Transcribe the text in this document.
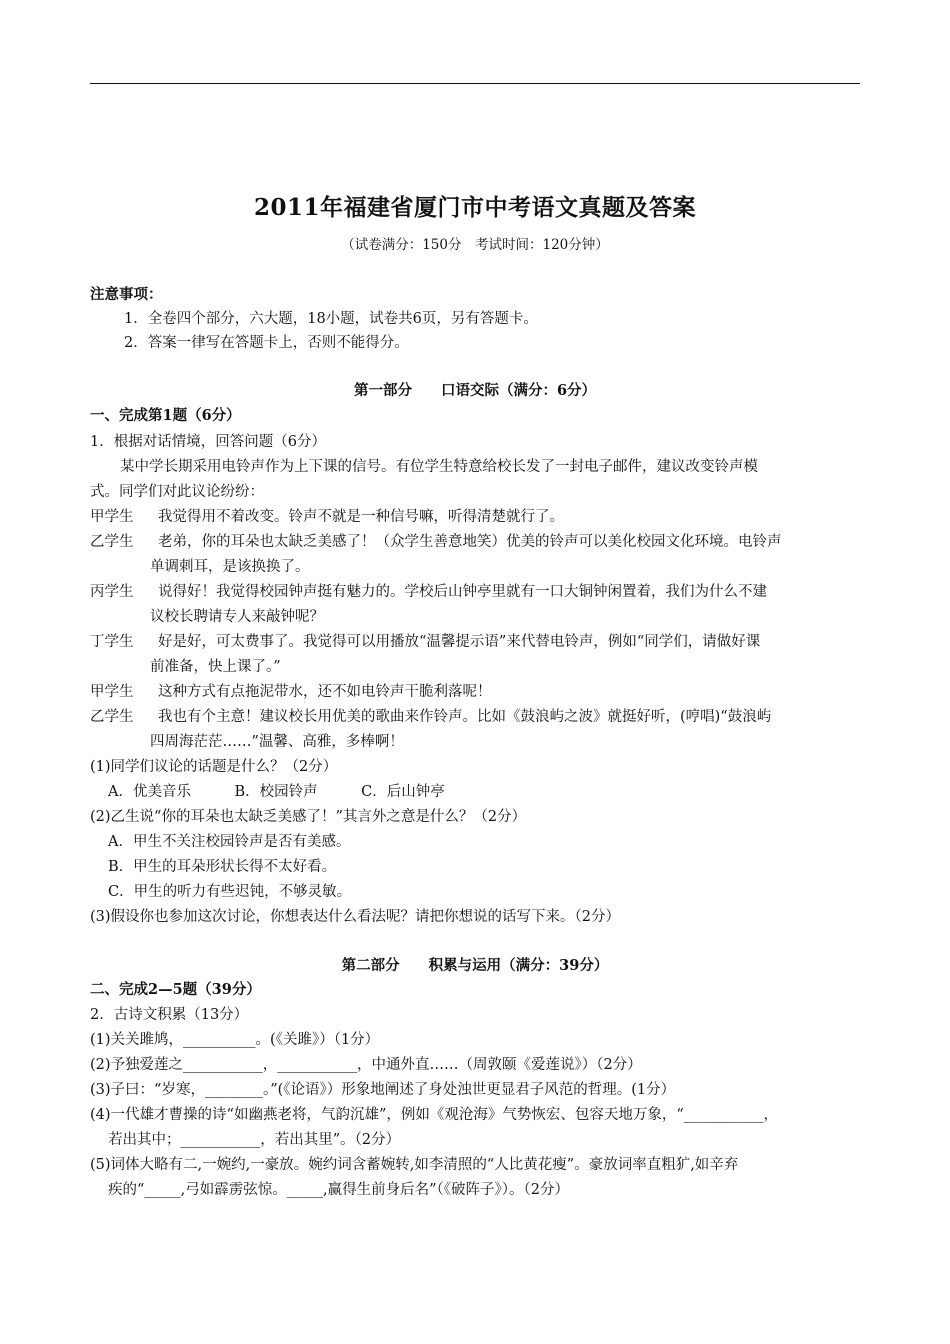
2011年福建省厦门市中考语文真题及答案
（试卷满分：150分　考试时间：120分钟）
注意事项：
1．全卷四个部分，六大题，18小题，试卷共6页，另有答题卡。
2．答案一律写在答题卡上，否则不能得分。
第一部分　　口语交际（满分：6分）
一、完成第1题（6分）
1．根据对话情境，回答问题（6分）
某中学长期采用电铃声作为上下课的信号。有位学生特意给校长发了一封电子邮件，建议改变铃声模
式。同学们对此议论纷纷：
甲学生 我觉得用不着改变。铃声不就是一种信号嘛，听得清楚就行了。
乙学生 老弟，你的耳朵也太缺乏美感了！（众学生善意地笑）优美的铃声可以美化校园文化环境。电铃声
单调刺耳，是该换换了。
丙学生 说得好！我觉得校园钟声挺有魅力的。学校后山钟亭里就有一口大铜钟闲置着，我们为什么不建
议校长聘请专人来敲钟呢？
丁学生 好是好，可太费事了。我觉得可以用播放“温馨提示语”来代替电铃声，例如“同学们，请做好课
前准备，快上课了。”
甲学生 这种方式有点拖泥带水，还不如电铃声干脆利落呢！
乙学生 我也有个主意！建议校长用优美的歌曲来作铃声。比如《鼓浪屿之波》就挺好听，(哼唱)“鼓浪屿
四周海茫茫……”温馨、高雅，多棒啊！
(1)同学们议论的话题是什么？（2分）
A．优美音乐　　　B．校园铃声　　　C．后山钟亭
(2)乙生说“你的耳朵也太缺乏美感了！”其言外之意是什么？（2分）
A．甲生不关注校园铃声是否有美感。
B．甲生的耳朵形状长得不太好看。
C．甲生的听力有些迟钝，不够灵敏。
(3)假设你也参加这次讨论，你想表达什么看法呢？请把你想说的话写下来。（2分）
第二部分　　积累与运用（满分：39分）
二、完成2—5题（39分）
2．古诗文积累（13分）
(1)关关雎鸠，__________。(《关雎》）（1分）
(2)予独爱莲之___________，___________，中通外直……（周敦颐《爱莲说》）（2分）
(3)子曰：“岁寒，________。”(《论语》）形象地阐述了身处浊世更显君子风范的哲理。(1分）
(4)一代雄才曹操的诗“如幽燕老将，气韵沉雄”，例如《观沧海》气势恢宏、包容天地万象，“___________，
若出其中；___________，若出其里”。（2分）
(5)词体大略有二,一婉约,一豪放。婉约词含蓄婉转,如李清照的“人比黄花瘦”。豪放词率直粗犷,如辛弃
疾的“_____,弓如霹雳弦惊。_____,赢得生前身后名”（《破阵子》）。（2分）
